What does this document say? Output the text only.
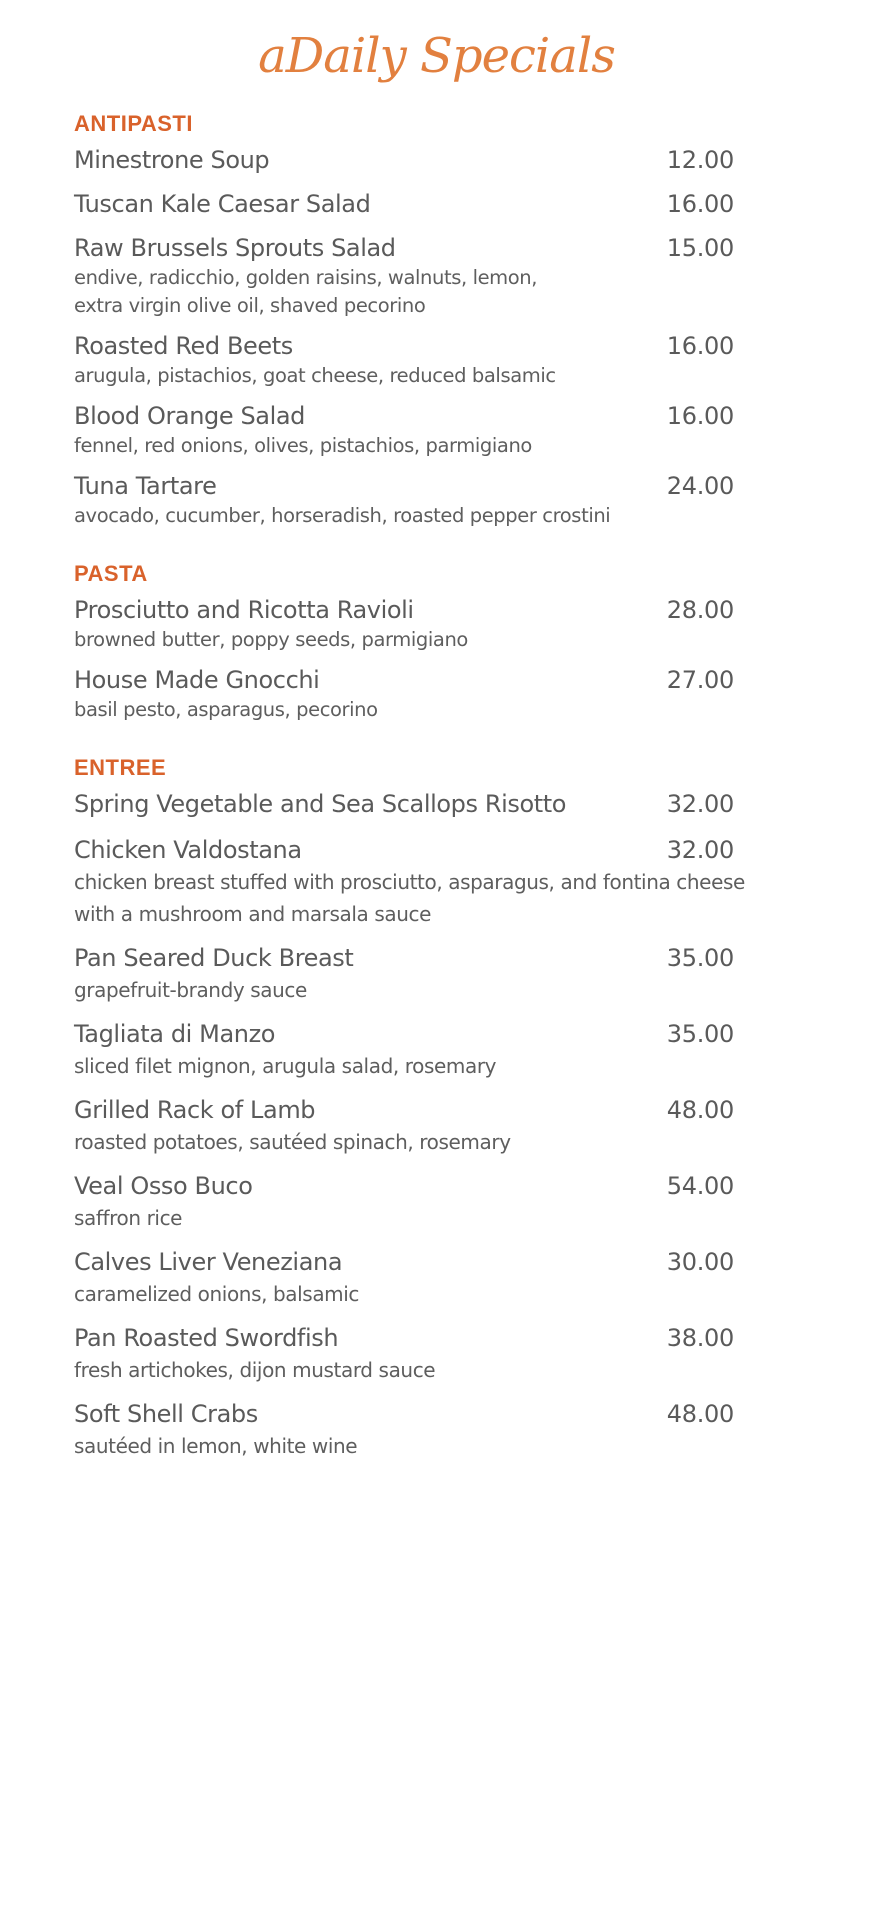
aDaily Specials
ANTIPASTI
Minestrone Soup	12.00
Tuscan Kale Caesar Salad	16.00
Raw Brussels Sprouts Salad	15.00
endive, radicchio, golden raisins, walnuts, lemon,
extra virgin olive oil, shaved pecorino
Roasted Red Beets	16.00
arugula, pistachios, goat cheese, reduced balsamic
Blood Orange Salad	16.00
fennel, red onions, olives, pistachios, parmigiano
Tuna Tartare	24.00
avocado, cucumber, horseradish, roasted pepper crostini
PASTA
Prosciutto and Ricotta Ravioli	28.00
browned butter, poppy seeds, parmigiano
House Made Gnocchi	27.00
basil pesto, asparagus, pecorino
ENTREE
Spring Vegetable and Sea Scallops Risotto	32.00
Chicken Valdostana	32.00
chicken breast stuffed with prosciutto, asparagus, and fontina cheese
with a mushroom and marsala sauce
Pan Seared Duck Breast	35.00
grapefruit-brandy sauce
Tagliata di Manzo	35.00
sliced filet mignon, arugula salad, rosemary
Grilled Rack of Lamb	48.00
roasted potatoes, sautéed spinach, rosemary
Veal Osso Buco	54.00
saffron rice
Calves Liver Veneziana	30.00
caramelized onions, balsamic
Pan Roasted Swordfish	38.00
fresh artichokes, dijon mustard sauce
Soft Shell Crabs	48.00
sautéed in lemon, white wine
